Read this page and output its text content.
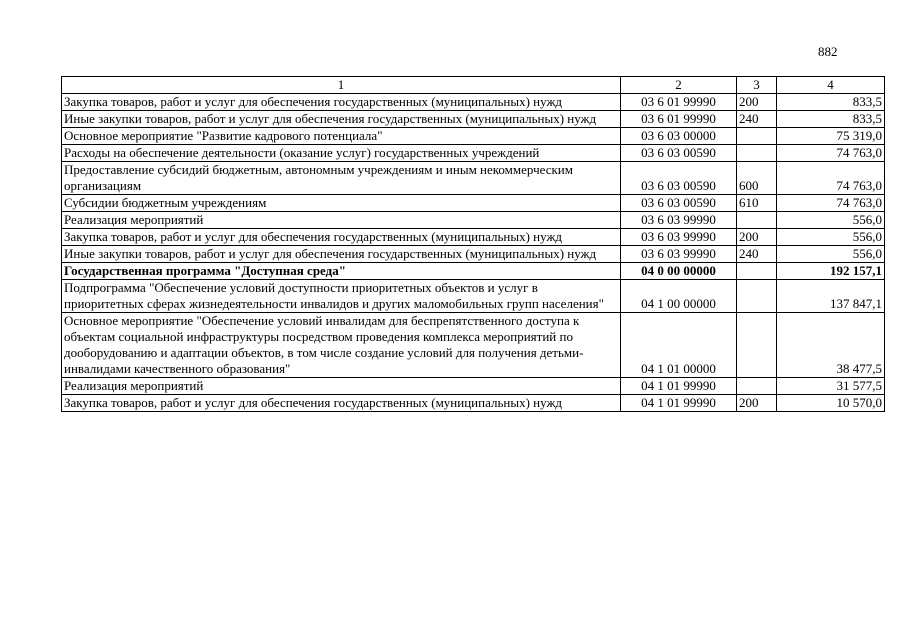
882
1	2	3	4
Закупка товаров, работ и услуг для обеспечения государственных (муниципальных) нужд	03 6 01 99990	200	833,5
Иные закупки товаров, работ и услуг для обеспечения государственных (муниципальных) нужд	03 6 01 99990	240	833,5
Основное мероприятие "Развитие кадрового потенциала"	03 6 03 00000		75 319,0
Расходы на обеспечение деятельности (оказание услуг) государственных учреждений	03 6 03 00590		74 763,0
Предоставление субсидий бюджетным, автономным учреждениям и иным некоммерческим организациям	03 6 03 00590	600	74 763,0
Субсидии бюджетным учреждениям	03 6 03 00590	610	74 763,0
Реализация мероприятий	03 6 03 99990		556,0
Закупка товаров, работ и услуг для обеспечения государственных (муниципальных) нужд	03 6 03 99990	200	556,0
Иные закупки товаров, работ и услуг для обеспечения государственных (муниципальных) нужд	03 6 03 99990	240	556,0
Государственная программа "Доступная среда"	04 0 00 00000		192 157,1
Подпрограмма "Обеспечение условий доступности приоритетных объектов и услуг в приоритетных сферах жизнедеятельности инвалидов и других маломобильных групп населения"	04 1 00 00000		137 847,1
Основное мероприятие "Обеспечение условий инвалидам для беспрепятственного доступа к объектам социальной инфраструктуры посредством проведения комплекса мероприятий по дооборудованию и адаптации объектов, в том числе создание условий для получения детьми-инвалидами качественного образования"	04 1 01 00000		38 477,5
Реализация мероприятий	04 1 01 99990		31 577,5
Закупка товаров, работ и услуг для обеспечения государственных (муниципальных) нужд	04 1 01 99990	200	10 570,0
